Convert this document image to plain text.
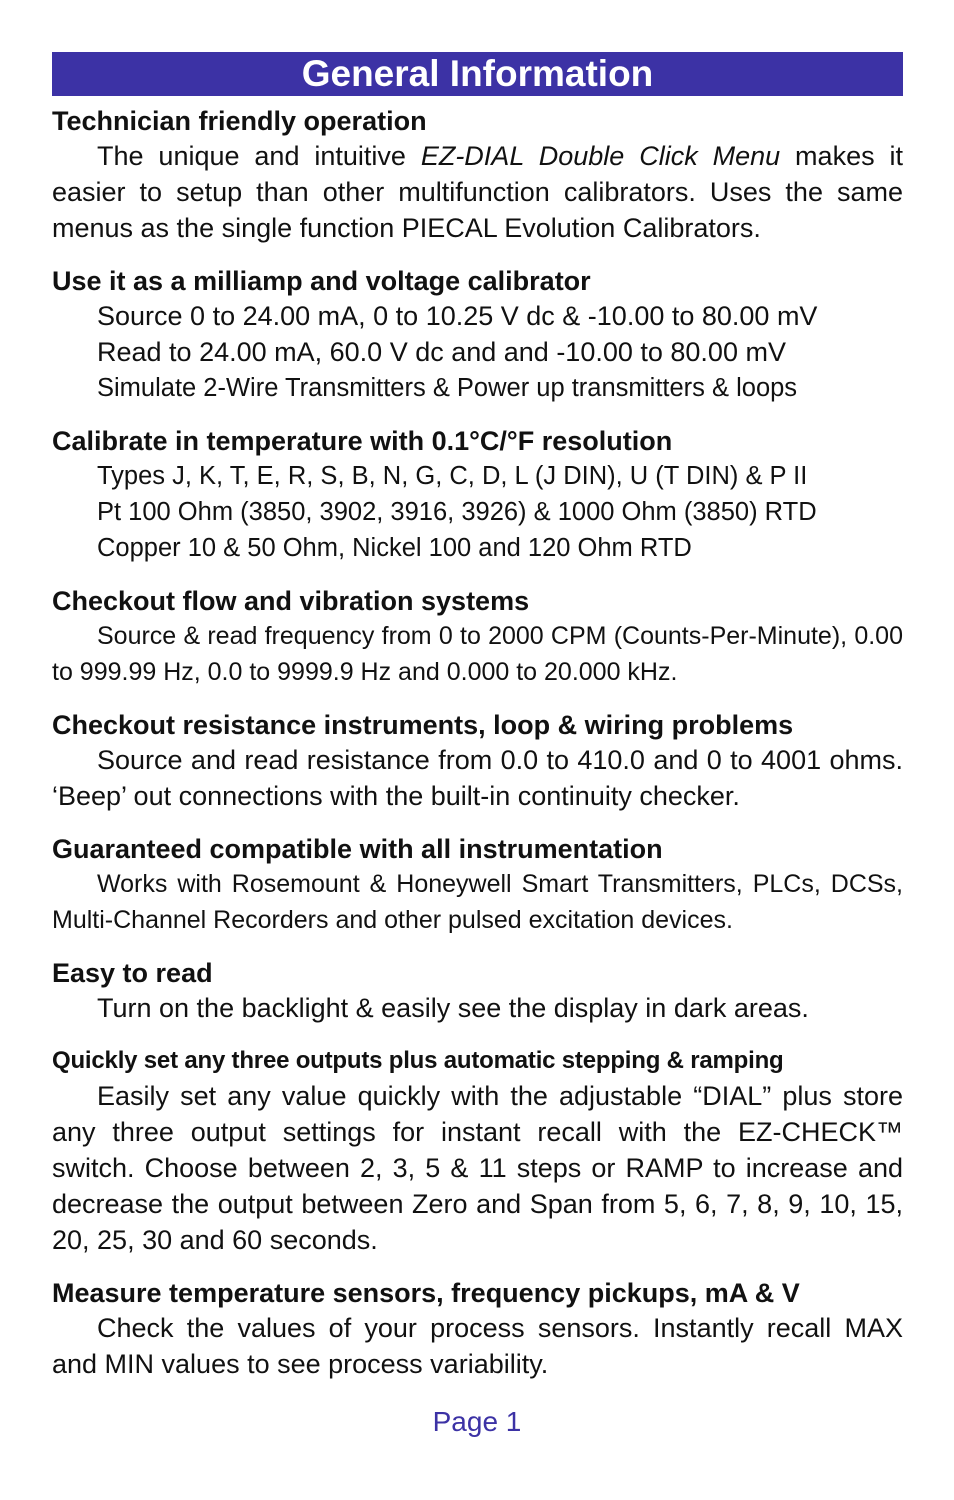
General Information
Technician friendly operation
The unique and intuitive EZ-DIAL Double Click Menu makes it easier to setup than other multifunction calibrators. Uses the same menus as the single function PIECAL Evolution Calibrators.
Use it as a milliamp and voltage calibrator
Source 0 to 24.00 mA, 0 to 10.25 V dc & -10.00 to 80.00 mV
Read to 24.00 mA, 60.0 V dc and and -10.00 to 80.00 mV
Simulate 2-Wire Transmitters & Power up transmitters & loops
Calibrate in temperature with 0.1°C/°F resolution
Types J, K, T, E, R, S, B, N, G, C, D, L (J DIN), U (T DIN) & P II
Pt 100 Ohm (3850, 3902, 3916, 3926) & 1000 Ohm (3850) RTD
Copper 10 & 50 Ohm, Nickel 100 and 120 Ohm RTD
Checkout flow and vibration systems
Source & read frequency from 0 to 2000 CPM (Counts-Per-Minute), 0.00 to 999.99 Hz, 0.0 to 9999.9 Hz and 0.000 to 20.000 kHz.
Checkout resistance instruments, loop & wiring problems
Source and read resistance from 0.0 to 410.0 and 0 to 4001 ohms. ‘Beep’ out connections with the built-in continuity checker.
Guaranteed compatible with all instrumentation
Works with Rosemount & Honeywell Smart Transmitters, PLCs, DCSs, Multi-Channel Recorders and other pulsed excitation devices.
Easy to read
Turn on the backlight & easily see the display in dark areas.
Quickly set any three outputs plus automatic stepping & ramping
Easily set any value quickly with the adjustable “DIAL” plus store any three output settings for instant recall with the EZ-CHECK™ switch. Choose between 2, 3, 5 & 11 steps or RAMP to increase and decrease the output between Zero and Span from 5, 6, 7, 8, 9, 10, 15, 20, 25, 30 and 60 seconds.
Measure temperature sensors, frequency pickups, mA & V
Check the values of your process sensors. Instantly recall MAX and MIN values to see process variability.
Page 1
